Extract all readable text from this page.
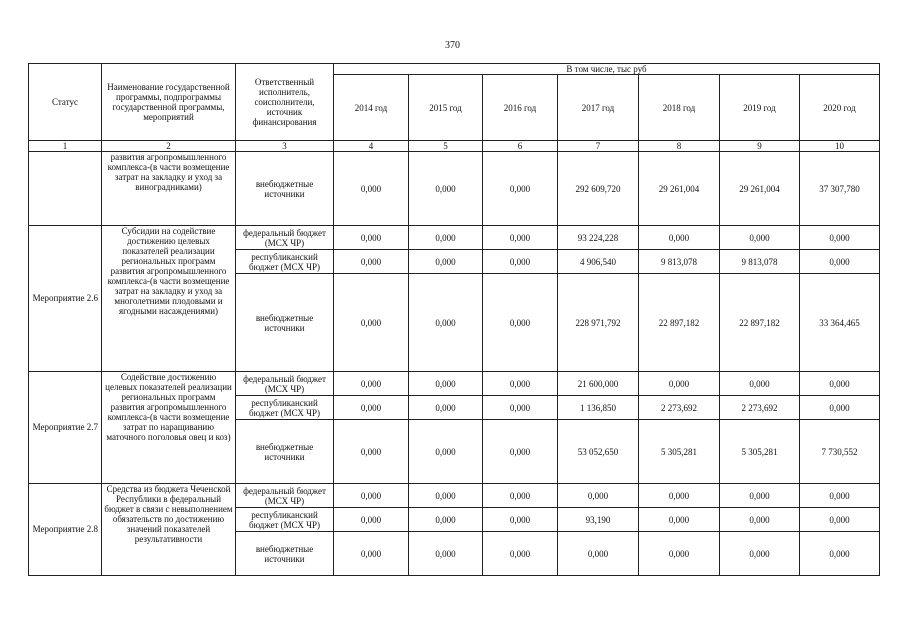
370
Статус	Наименование государственной программы, подпрограммы государственной программы, мероприятий	Ответственный исполнитель, соисполнители, источник финансирования	В том числе, тыс руб						
			2014 год	2015 год	2016 год	2017 год	2018 год	2019 год	2020 год
1	2	3	4	5	6	7	8	9	10
	развития агропромышленного комплекса-(в части возмещение затрат на закладку и уход за виноградниками)	внебюджетные источники	0,000	0,000	0,000	292 609,720	29 261,004	29 261,004	37 307,780
Мероприятие 2.6	Субсидии на содействие достижению целевых показателей реализации региональных программ развития агропромышленного комплекса-(в части возмещение затрат на закладку и уход за многолетними плодовыми и ягодными насаждениями)	федеральный бюджет (МСХ ЧР)	0,000	0,000	0,000	93 224,228	0,000	0,000	0,000
		республиканский бюджет (МСХ ЧР)	0,000	0,000	0,000	4 906,540	9 813,078	9 813,078	0,000
		внебюджетные источники	0,000	0,000	0,000	228 971,792	22 897,182	22 897,182	33 364,465
Мероприятие 2.7	Содействие достижению целевых показателей реализации региональных программ развития агропромышленного комплекса-(в части возмещение затрат по наращиванию маточного поголовья овец и коз)	федеральный бюджет (МСХ ЧР)	0,000	0,000	0,000	21 600,000	0,000	0,000	0,000
		республиканский бюджет (МСХ ЧР)	0,000	0,000	0,000	1 136,850	2 273,692	2 273,692	0,000
		внебюджетные источники	0,000	0,000	0,000	53 052,650	5 305,281	5 305,281	7 730,552
Мероприятие 2.8	Средства из бюджета Чеченской Республики в федеральный бюджет в связи с невыполнением обязательств по достижению значений показателей результативности	федеральный бюджет (МСХ ЧР)	0,000	0,000	0,000	0,000	0,000	0,000	0,000
		республиканский бюджет (МСХ ЧР)	0,000	0,000	0,000	93,190	0,000	0,000	0,000
		внебюджетные источники	0,000	0,000	0,000	0,000	0,000	0,000	0,000
